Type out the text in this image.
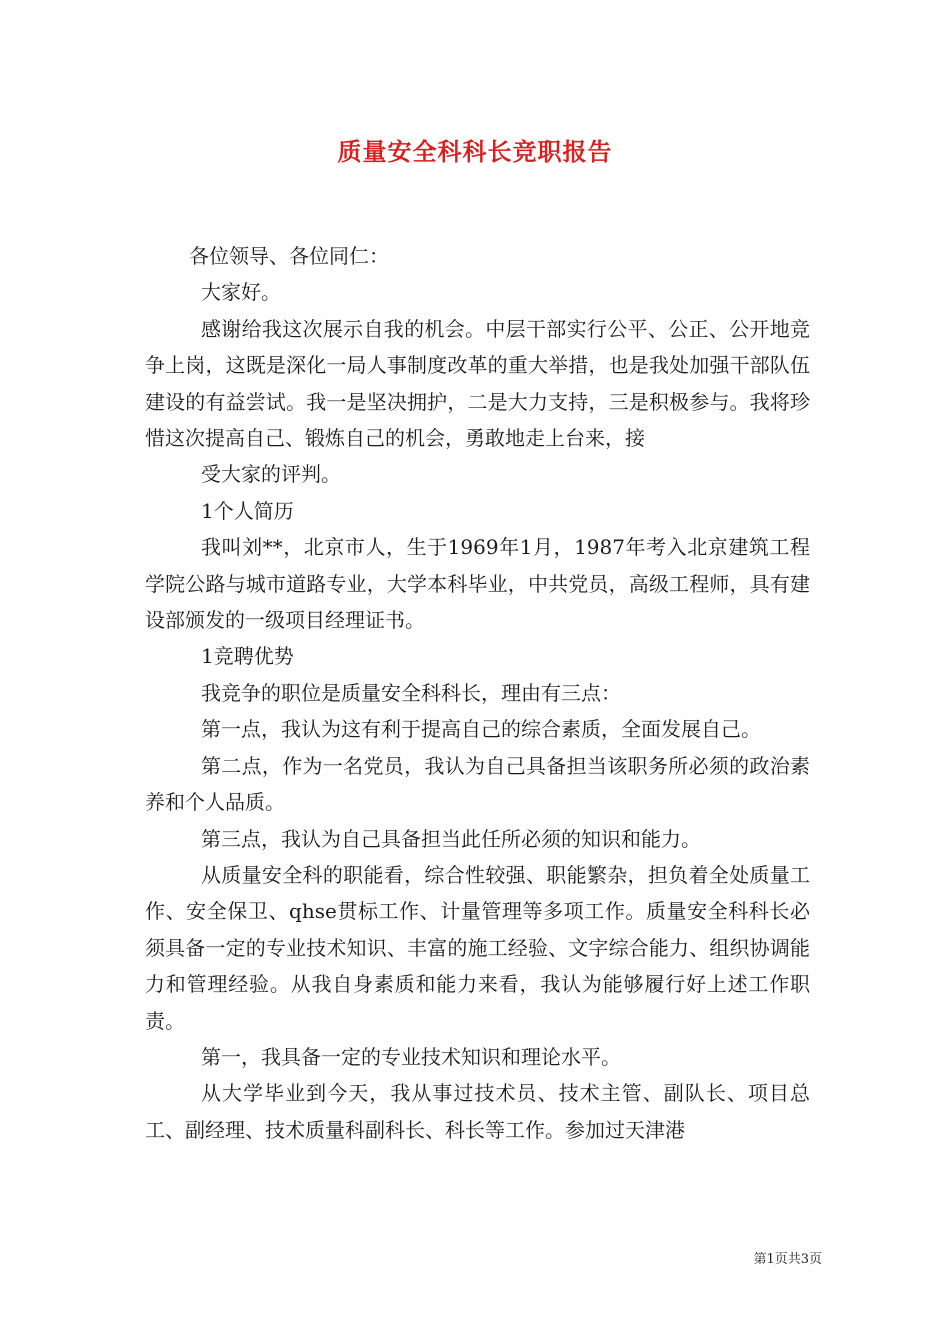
质量安全科科长竞职报告

各位领导、各位同仁：

大家好。

感谢给我这次展示自我的机会。中层干部实行公平、公正、公开地竞争上岗，这既是深化一局人事制度改革的重大举措，也是我处加强干部队伍建设的有益尝试。我一是坚决拥护，二是大力支持，三是积极参与。我将珍惜这次提高自己、锻炼自己的机会，勇敢地走上台来，接

受大家的评判。

1个人简历

我叫刘**，北京市人，生于1969年1月，1987年考入北京建筑工程学院公路与城市道路专业，大学本科毕业，中共党员，高级工程师，具有建设部颁发的一级项目经理证书。

1竞聘优势

我竞争的职位是质量安全科科长，理由有三点：

第一点，我认为这有利于提高自己的综合素质，全面发展自己。

第二点，作为一名党员，我认为自己具备担当该职务所必须的政治素养和个人品质。

第三点，我认为自己具备担当此任所必须的知识和能力。

从质量安全科的职能看，综合性较强、职能繁杂，担负着全处质量工作、安全保卫、qhse贯标工作、计量管理等多项工作。质量安全科科长必须具备一定的专业技术知识、丰富的施工经验、文字综合能力、组织协调能力和管理经验。从我自身素质和能力来看，我认为能够履行好上述工作职责。

第一，我具备一定的专业技术知识和理论水平。

从大学毕业到今天，我从事过技术员、技术主管、副队长、项目总工、副经理、技术质量科副科长、科长等工作。参加过天津港

第1页共3页
